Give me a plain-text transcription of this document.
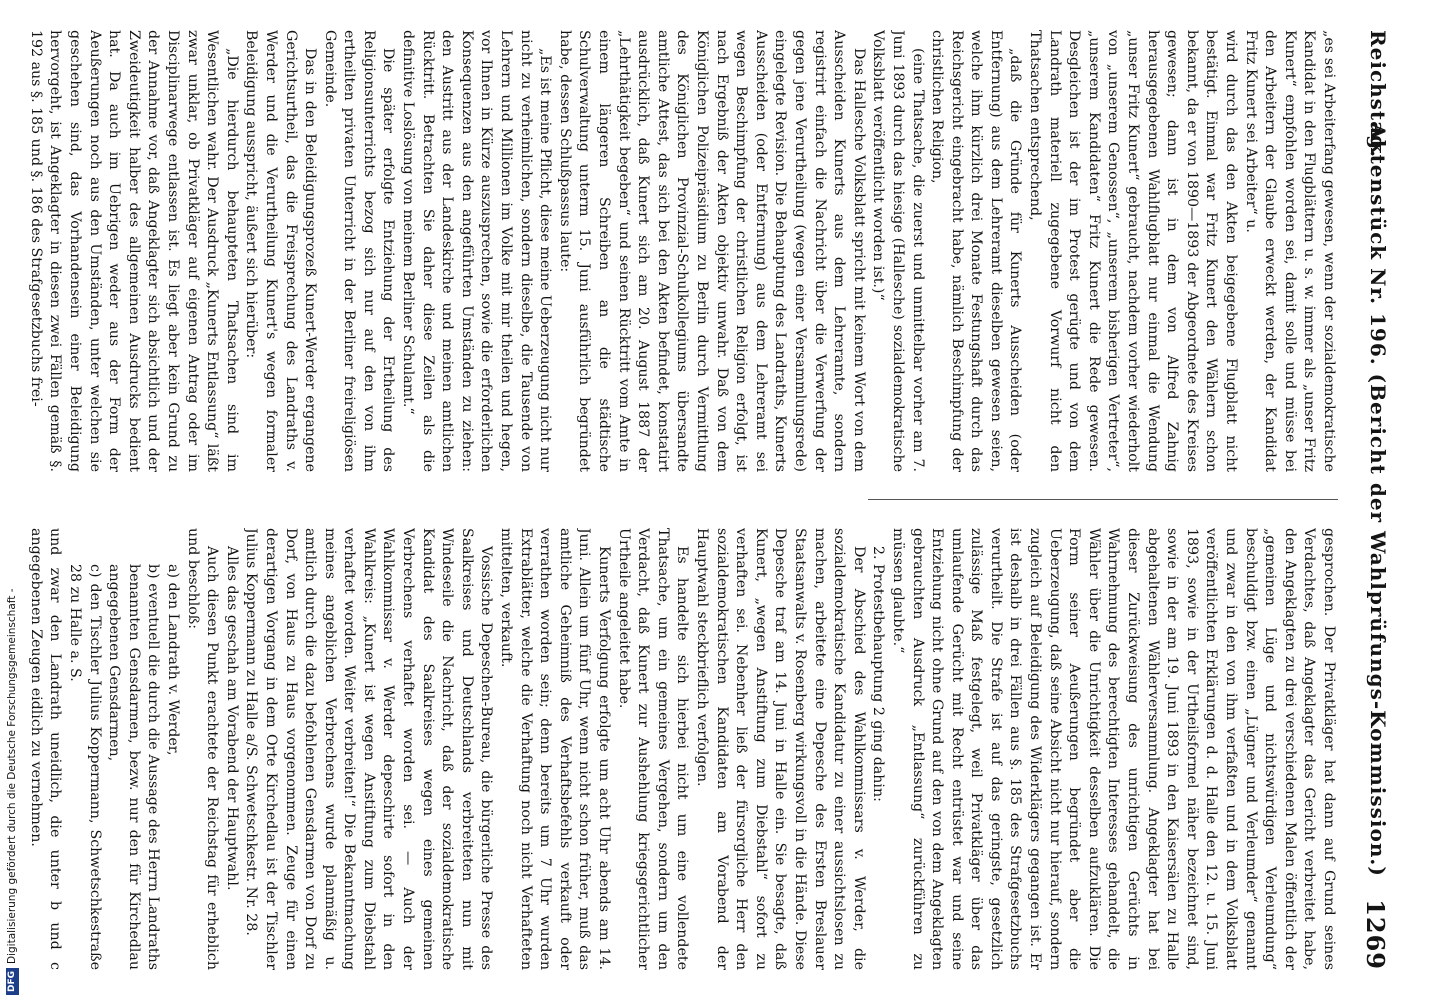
Reichstag.
Aktenstück Nr. 196. (Bericht der Wahlprüfungs-Kommission.)
1269

„es sei Arbeiterfang gewesen, wenn der sozialdemokratische Kandidat in den Flugblättern u. s. w. immer als „unser Fritz Kunert“ empfohlen worden sei, damit solle und müsse bei den Arbeitern der Glaube erweckt werden, der Kandidat Fritz Kunert sei Arbeiter“ u.

wird durch das den Akten beigegebene Flugblatt nicht bestätigt. Einmal war Fritz Kunert den Wählern schon bekannt, da er von 1890—1893 der Abgeordnete des Kreises gewesen; dann ist in dem von Alfred Zahnig herausgegebenen Wahlflugblatt nur einmal die Wendung „unser Fritz Kunert“ gebraucht, nachdem vorher wiederholt von „unserem Genossen“, „unserem bisherigen Vertreter“, „unserem Kandidaten“ Fritz Kunert die Rede gewesen. Desgleichen ist der im Protest gerügte und von dem Landrath materiell zugegebene Vorwurf nicht den Thatsachen entsprechend,

„daß die Gründe für Kunerts Ausscheiden (oder Entfernung) aus dem Lehreramt dieselben gewesen seien, welche ihm kürzlich drei Monate Festungshaft durch das Reichsgericht eingebracht habe, nämlich Beschimpfung der christlichen Religion,

(eine Thatsache, die zuerst und unmittelbar vorher am 7. Juni 1893 durch das hiesige (Hallesche) sozialdemokratische Volksblatt veröffentlicht worden ist.)“

Das Hallesche Volksblatt spricht mit keinem Wort von dem Ausscheiden Kunerts aus dem Lehreramte, sondern registrirt einfach die Nachricht über die Verwerfung der gegen jene Verurtheilung (wegen einer Versammlungsrede) eingelegte Revision. Die Behauptung des Landraths, Kunerts Ausscheiden (oder Entfernung) aus dem Lehreramt sei wegen Beschimpfung der christlichen Religion erfolgt, ist nach Ergebniß der Akten objektiv unwahr. Daß von dem Königlichen Polizeipräsidium zu Berlin durch Vermittlung des Königlichen Provinzial-Schulkollegiums übersandte amtliche Attest, das sich bei den Akten befindet, konstatirt ausdrücklich, daß Kunert sich am 20. August 1887 der „Lehrthätigkeit begeben“ und seinen Rücktritt vom Amte in einem längeren Schreiben an die städtische Schulverwaltung unterm 15. Juni ausführlich begründet habe, dessen Schlußpassus laute:

„Es ist meine Pflicht, diese meine Ueberzeugung nicht nur nicht zu verheimlichen, sondern dieselbe, die Tausende von Lehrern und Millionen im Volke mit mir theilen und hegen, vor Ihnen in Kürze auszusprechen, sowie die erforderlichen Konsequenzen aus den angeführten Umständen zu ziehen: den Austritt aus der Landeskirche und meinen amtlichen Rücktritt. Betrachten Sie daher diese Zeilen als die definitive Loslösung von meinem Berliner Schulamt.“

Die später erfolgte Entziehung der Ertheilung des Religionsunterrichts bezog sich nur auf den von ihm ertheilten privaten Unterricht in der Berliner freireligiösen Gemeinde.

Das in den Beleidigungsprozeß Kunert-Werder ergangene Gerichtsurtheil, das die Freisprechung des Landraths v. Werder und die Verurtheilung Kunert's wegen formaler Beleidigung ausspricht, äußert sich hierüber:

„Die hierdurch behaupteten Thatsachen sind im Wesentlichen wahr. Der Ausdruck „Kunerts Entlassung“ läßt zwar unklar, ob Privatkläger auf eigenen Antrag oder im Disciplinarwege entlassen ist. Es liegt aber kein Grund zu der Annahme vor, daß Angeklagter sich absichtlich und der Zweideutigkeit halber des allgemeinen Ausdrucks bedient hat. Da auch im Uebrigen weder aus der Form der Aeußerungen noch aus den Umständen, unter welchen sie geschehen sind, das Vorhandensein einer Beleidigung hervorgeht, ist Angeklagter in diesen zwei Fällen gemäß §. 192 aus §. 185 und §. 186 des Strafgesetzbuchs frei-

gesprochen. Der Privatkläger hat dann auf Grund seines Verdachtes, daß Angeklagter das Gericht verbreitet habe, den Angeklagten zu drei verschiedenen Malen öffentlich der „gemeinen Lüge und nichtswürdigen Verleumdung“ beschuldigt bzw. einen „Lügner und Verleumder“ genannt und zwar in den von ihm verfaßten und in dem Volksblatt veröffentlichten Erklärungen d. d. Halle den 12. u. 15. Juni 1893, sowie in der Urtheilsformel näher bezeichnet sind, sowie in der am 19. Juni 1893 in den Kaisersälen zu Halle abgehaltenen Wählerversammlung. Angeklagter hat bei dieser Zurückweisung des unrichtigen Gerüchts in Wahrnehmung des berechtigten Interesses gehandelt, die Wähler über die Unrichtigkeit desselben aufzuklären. Die Form seiner Aeußerungen begründet aber die Ueberzeugung, daß seine Absicht nicht nur hierauf, sondern zugleich auf Beleidigung des Widerklägers gegangen ist. Er ist deshalb in drei Fällen aus §. 185 des Strafgesetzbuchs verurtheilt. Die Strafe ist auf das geringste, gesetzlich zulässige Maß festgelegt, weil Privatkläger über das umlaufende Gerücht mit Recht entrüstet war und seine Entziehung nicht ohne Grund auf den von dem Angeklagten gebrauchten Ausdruck „Entlassung“ zurückführen zu müssen glaubte.“

2. Protestbehauptung 2 ging dahin:

Der Abschied des Wahlkommissars v. Werder, die sozialdemokratische Kandidatur zu einer aussichtslosen zu machen, arbeitete eine Depesche des Ersten Breslauer Staatsanwalts v. Rosenberg wirkungsvoll in die Hände. Diese Depesche traf am 14. Juni in Halle ein. Sie besagte, daß Kunert, „wegen Anstiftung zum Diebstahl“ sofort zu verhaften sei. Nebenher ließ der fürsorgliche Herr den sozialdemokratischen Kandidaten am Vorabend der Hauptwahl steckbrieflich verfolgen.

Es handelte sich hierbei nicht um eine vollendete Thatsache, um ein gemeines Vergehen, sondern um den Verdacht, daß Kunert zur Aushehlung kriegsgerichtlicher Urtheile angeleitet habe.

Kunerts Verfolgung erfolgte um acht Uhr abends am 14. Juni. Allein um fünf Uhr, wenn nicht schon früher, muß das amtliche Geheimniß des Verhaftsbefehls verkauft oder verrathen worden sein; denn bereits um 7 Uhr wurden Extrablätter, welche die Verhaftung noch nicht Verhafteten mittelten, verkauft.

Vossische Depeschen-Bureau, die bürgerliche Presse des Saalkreises und Deutschlands verbreiteten nun mit Windeseile die Nachricht, daß der sozialdemokratische Kandidat des Saalkreises wegen eines gemeinen Verbrechens verhaftet worden sei. — Auch der Wahlkommissar v. Werder depeschirte sofort in den Wahlkreis: „Kunert ist wegen Anstiftung zum Diebstahl verhaftet worden. Weiter verbreiten!“ Die Bekanntmachung meines angeblichen Verbrechens wurde planmäßig u. amtlich durch die dazu befohlenen Gensdarmen von Dorf zu Dorf, von Haus zu Haus vorgenommen. Zeuge für einen derartigen Vorgang in dem Orte Kirchedlau ist der Tischler Julius Koppermann zu Halle a/S. Schwetschkestr. Nr. 28.

Alles das geschah am Vorabend der Hauptwahl.

Auch diesen Punkt erachtete der Reichstag für erheblich und beschloß:

a) den Landrath v. Werder,

b) eventuell die durch die Aussage des Herrn Landraths benannten Gensdarmen, bezw. nur den für Kirchedlau angegebenen Gensdarmen,

c) den Tischler Julius Koppermann, Schwetschkestraße 28 zu Halle a. S.

und zwar den Landrath uneidlich, die unter b und c angegebenen Zeugen eidlich zu vernehmen.

DFGDigitalisierung gefördert durch die Deutsche Forschungsgemeinschaft -
